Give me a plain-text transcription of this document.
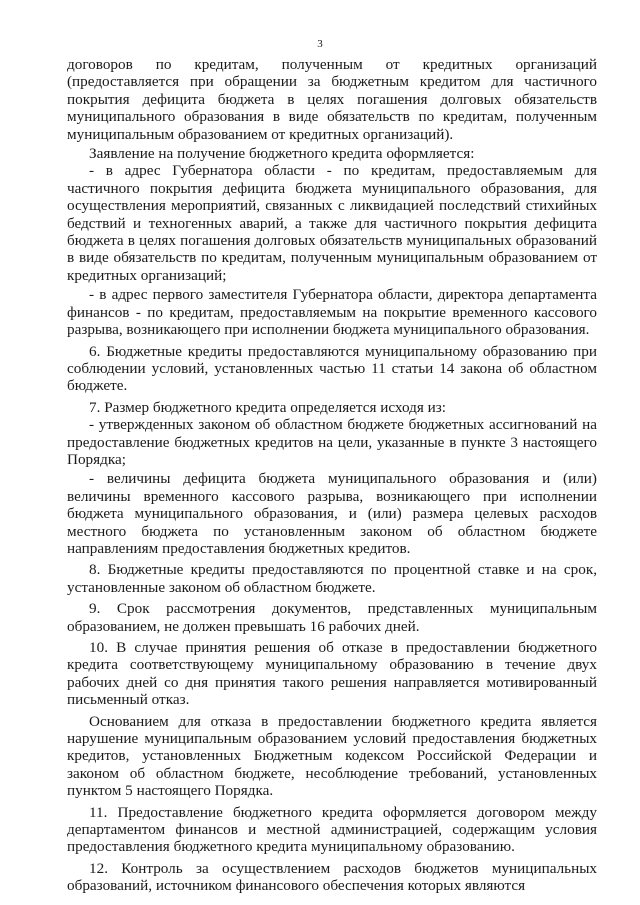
3

договоров по кредитам, полученным от кредитных организаций (предоставляется при обращении за бюджетным кредитом для частичного покрытия дефицита бюджета в целях погашения долговых обязательств муниципального образования в виде обязательств по кредитам, полученным муниципальным образованием от кредитных организаций).

Заявление на получение бюджетного кредита оформляется:

- в адрес Губернатора области - по кредитам, предоставляемым для частичного покрытия дефицита бюджета муниципального образования, для осуществления мероприятий, связанных с ликвидацией последствий стихийных бедствий и техногенных аварий, а также для частичного покрытия дефицита бюджета в целях погашения долговых обязательств муниципальных образований в виде обязательств по кредитам, полученным муниципальным образованием от кредитных организаций;

- в адрес первого заместителя Губернатора области, директора департамента финансов - по кредитам, предоставляемым на покрытие временного кассового разрыва, возникающего при исполнении бюджета муниципального образования.

6. Бюджетные кредиты предоставляются муниципальному образованию при соблюдении условий, установленных частью 11 статьи 14 закона об областном бюджете.

7. Размер бюджетного кредита определяется исходя из:

- утвержденных законом об областном бюджете бюджетных ассигнований на предоставление бюджетных кредитов на цели, указанные в пункте 3 настоящего Порядка;

- величины дефицита бюджета муниципального образования и (или) величины временного кассового разрыва, возникающего при исполнении бюджета муниципального образования, и (или) размера целевых расходов местного бюджета по установленным законом об областном бюджете направлениям предоставления бюджетных кредитов.

8. Бюджетные кредиты предоставляются по процентной ставке и на срок, установленные законом об областном бюджете.

9. Срок рассмотрения документов, представленных муниципальным образованием, не должен превышать 16 рабочих дней.

10. В случае принятия решения об отказе в предоставлении бюджетного кредита соответствующему муниципальному образованию в течение двух рабочих дней со дня принятия такого решения направляется мотивированный письменный отказ.

Основанием для отказа в предоставлении бюджетного кредита является нарушение муниципальным образованием условий предоставления бюджетных кредитов, установленных Бюджетным кодексом Российской Федерации и законом об областном бюджете, несоблюдение требований, установленных пунктом 5 настоящего Порядка.

11. Предоставление бюджетного кредита оформляется договором между департаментом финансов и местной администрацией, содержащим условия предоставления бюджетного кредита муниципальному образованию.

12. Контроль за осуществлением расходов бюджетов муниципальных образований, источником финансового обеспечения которых являются
